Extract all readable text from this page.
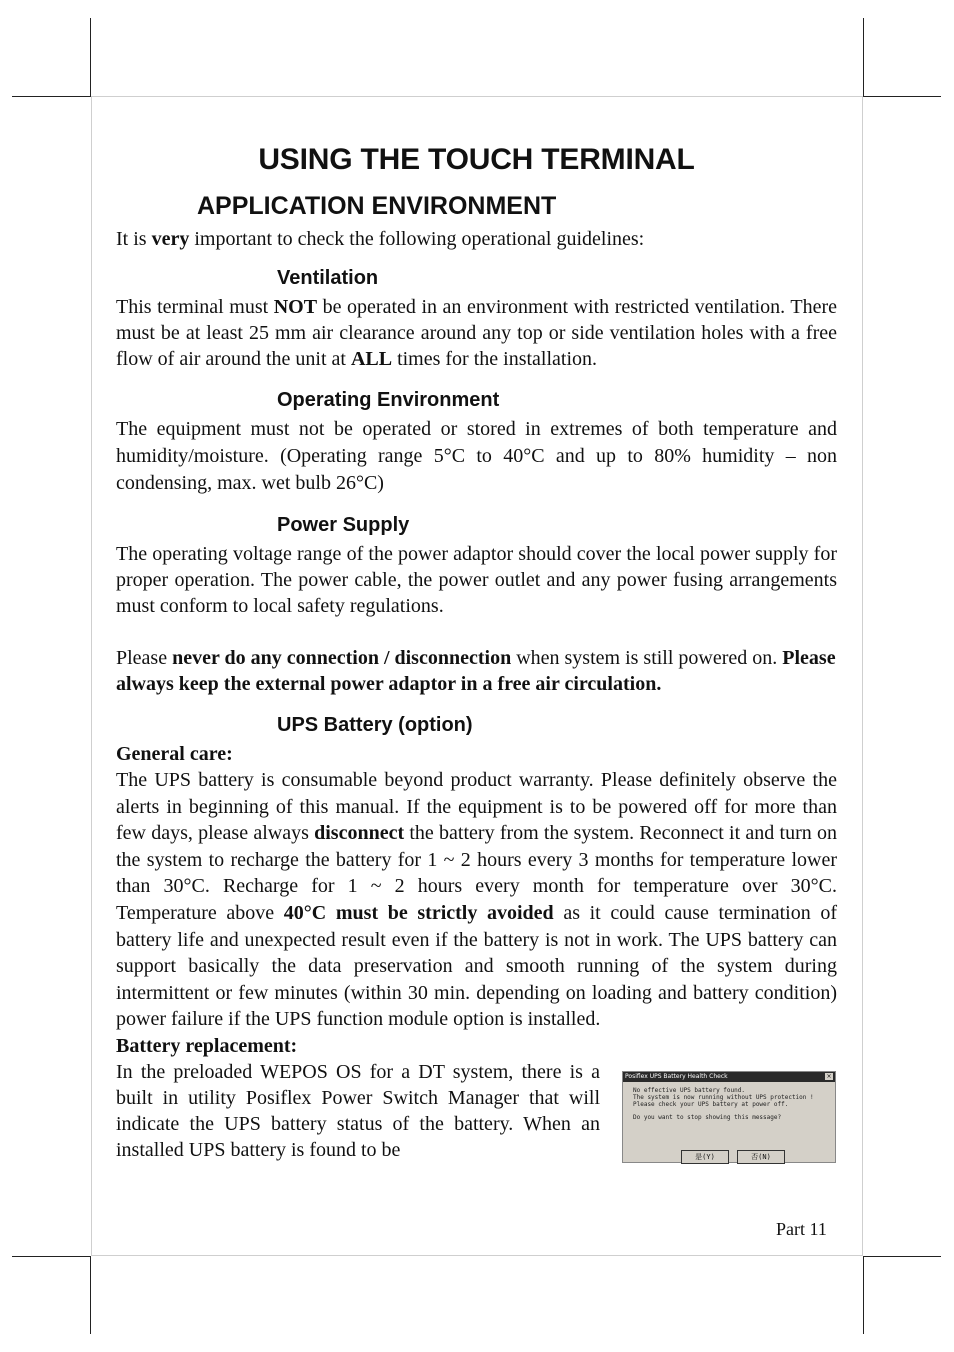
USING THE TOUCH TERMINAL
APPLICATION ENVIRONMENT

It is very important to check the following operational guidelines:

Ventilation

This terminal must NOT be operated in an environment with restricted ventilation. There must be at least 25 mm air clearance around any top or side ventilation holes with a free flow of air around the unit at ALL times for the installation.

Operating Environment

The equipment must not be operated or stored in extremes of both temperature and humidity/moisture. (Operating range 5°C to 40°C and up to 80% humidity – non condensing, max. wet bulb 26°C)

Power Supply

The operating voltage range of the power adaptor should cover the local power supply for proper operation. The power cable, the power outlet and any power fusing arrangements must conform to local safety regulations.

Please never do any connection / disconnection when system is still powered on. Please always keep the external power adaptor in a free air circulation.

UPS Battery (option)
General care:

The UPS battery is consumable beyond product warranty. Please definitely observe the alerts in beginning of this manual. If the equipment is to be powered off for more than few days, please always disconnect the battery from the system. Reconnect it and turn on the system to recharge the battery for 1 ~ 2 hours every 3 months for temperature lower than 30°C. Recharge for 1 ~ 2 hours every month for temperature over 30°C. Temperature above 40°C must be strictly avoided as it could cause termination of battery life and unexpected result even if the battery is not in work. The UPS battery can support basically the data preservation and smooth running of the system during intermittent or few minutes (within 30 min. depending on loading and battery condition) power failure if the UPS function module option is installed.

Battery replacement:

In the preloaded WEPOS OS for a DT system, there is a built in utility Posiflex Power Switch Manager that will indicate the UPS battery status of the battery. When an installed UPS battery is found to be

Posiflex UPS Battery Health Check	×
No effective UPS battery found.
The system is now running without UPS protection !
Please check your UPS battery at power off.
Do you want to stop showing this message?
是(Y)	否(N)
Part 11
